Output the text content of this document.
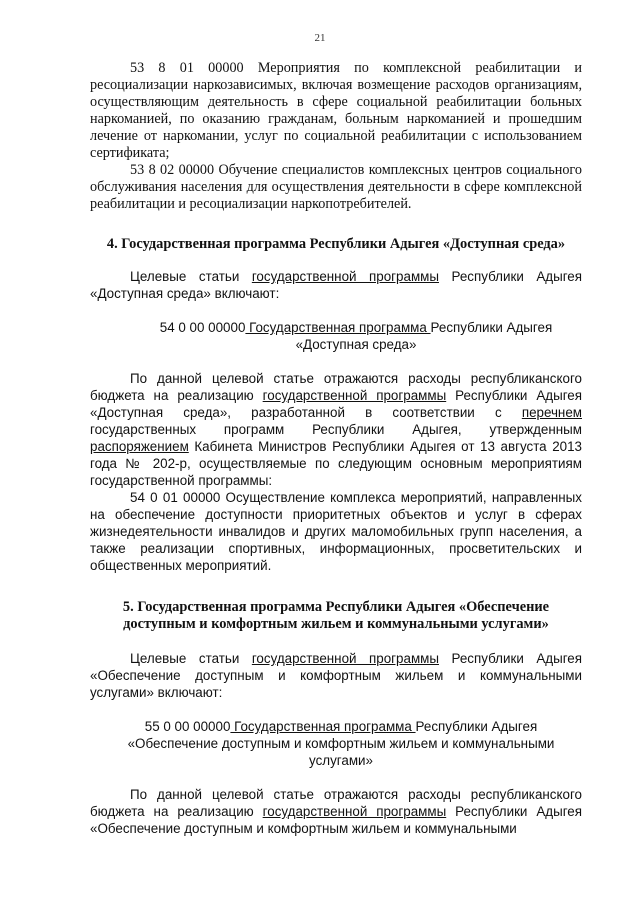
21

53 8 01 00000 Мероприятия по комплексной реабилитации и ресоциализации наркозависимых, включая возмещение расходов организациям, осуществляющим деятельность в сфере социальной реабилитации больных наркоманией, по оказанию гражданам, больным наркоманией и прошедшим лечение от наркомании, услуг по социальной реабилитации с использованием сертификата;

53 8 02 00000 Обучение специалистов комплексных центров социального обслуживания населения для осуществления деятельности в сфере комплексной реабилитации и ресоциализации наркопотребителей.

4. Государственная программа Республики Адыгея «Доступная среда»

Целевые статьи государственной программы Республики Адыгея «Доступная среда» включают:

54 0 00 00000 Государственная программа Республики Адыгея
«Доступная среда»

По данной целевой статье отражаются расходы республиканского бюджета на реализацию государственной программы Республики Адыгея «Доступная среда», разработанной в соответствии с перечнем государственных программ Республики Адыгея, утвержденным распоряжением Кабинета Министров Республики Адыгея от 13 августа 2013 года № 202-р, осуществляемые по следующим основным мероприятиям государственной программы:

54 0 01 00000 Осуществление комплекса мероприятий, направленных на обеспечение доступности приоритетных объектов и услуг в сферах жизнедеятельности инвалидов и других маломобильных групп населения, а также реализации спортивных, информационных, просветительских и общественных мероприятий.

5. Государственная программа Республики Адыгея «Обеспечение доступным и комфортным жильем и коммунальными услугами»

Целевые статьи государственной программы Республики Адыгея «Обеспечение доступным и комфортным жильем и коммунальными услугами» включают:

55 0 00 00000 Государственная программа Республики Адыгея
«Обеспечение доступным и комфортным жильем и коммунальными услугами»

По данной целевой статье отражаются расходы республиканского бюджета на реализацию государственной программы Республики Адыгея «Обеспечение доступным и комфортным жильем и коммунальными
